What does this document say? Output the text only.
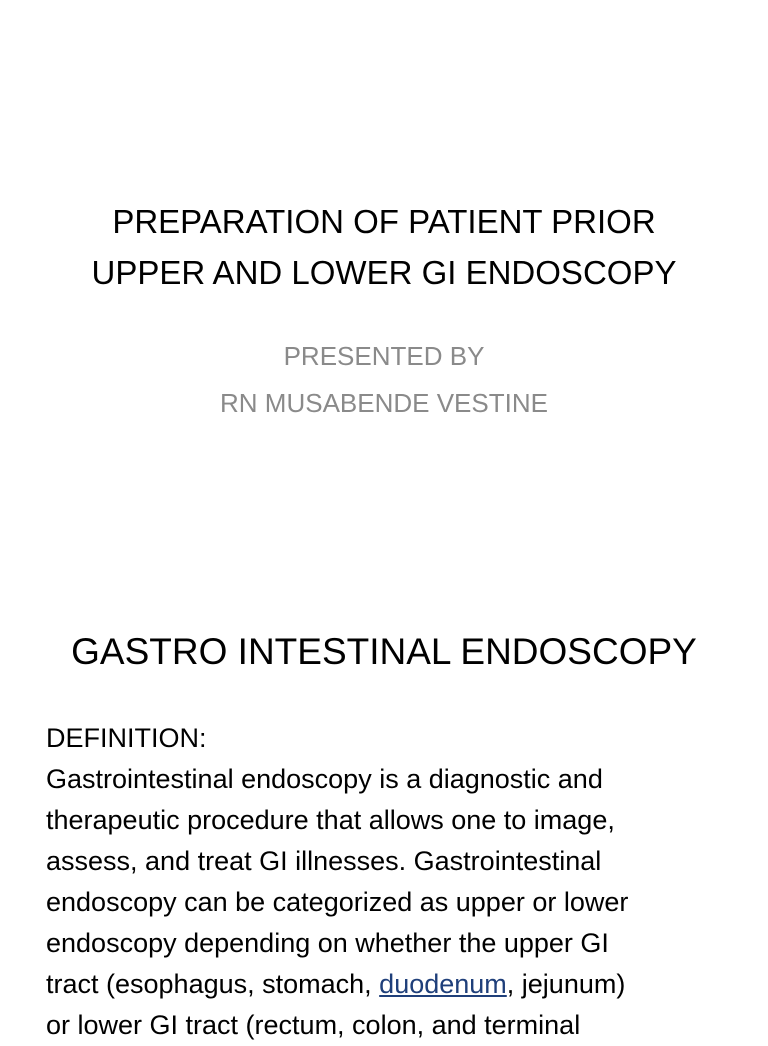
PREPARATION OF PATIENT PRIOR
UPPER AND LOWER GI ENDOSCOPY
PRESENTED BY
RN MUSABENDE VESTINE
GASTRO INTESTINAL ENDOSCOPY
DEFINITION:
Gastrointestinal endoscopy is a diagnostic and
therapeutic procedure that allows one to image,
assess, and treat GI illnesses. Gastrointestinal
endoscopy can be categorized as upper or lower
endoscopy depending on whether the upper GI
tract (esophagus, stomach, duodenum, jejunum)
or lower GI tract (rectum, colon, and terminal
